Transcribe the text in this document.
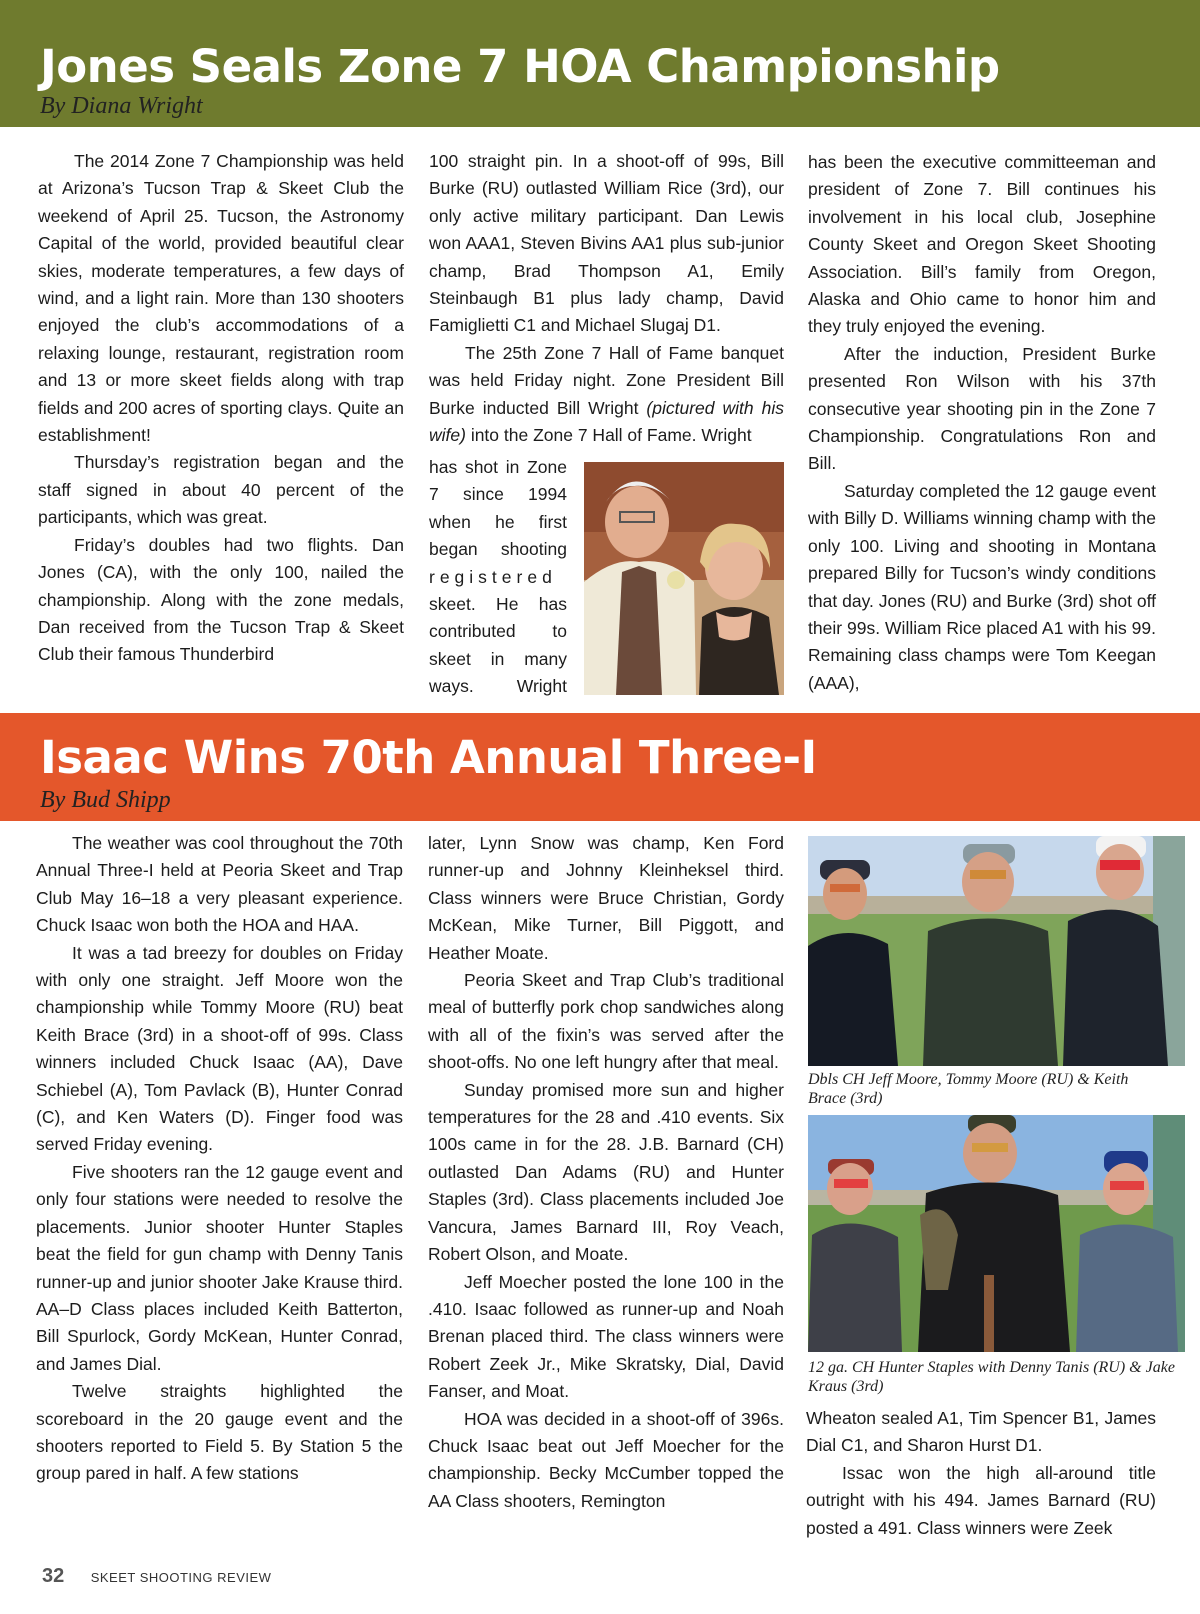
Jones Seals Zone 7 HOA Championship
By Diana Wright

The 2014 Zone 7 Championship was held at Arizona’s Tucson Trap & Skeet Club the weekend of April 25. Tucson, the Astronomy Capital of the world, provided beautiful clear skies, moderate temperatures, a few days of wind, and a light rain. More than 130 shooters enjoyed the club’s accommodations of a relaxing lounge, restaurant, registration room and 13 or more skeet fields along with trap fields and 200 acres of sporting clays. Quite an establishment!

Thursday’s registration began and the staff signed in about 40 percent of the participants, which was great.

Friday’s doubles had two flights. Dan Jones (CA), with the only 100, nailed the championship. Along with the zone medals, Dan received from the Tucson Trap & Skeet Club their famous Thunderbird

100 straight pin. In a shoot-off of 99s, Bill Burke (RU) outlasted William Rice (3rd), our only active military participant. Dan Lewis won AAA1, Steven Bivins AA1 plus sub-junior champ, Brad Thompson A1, Emily Steinbaugh B1 plus lady champ, David Famiglietti C1 and Michael Slugaj D1.

The 25th Zone 7 Hall of Fame banquet was held Friday night. Zone President Bill Burke inducted Bill Wright (pictured with his wife) into the Zone 7 Hall of Fame. Wright

has shot in Zone
7 since 1994
when he first
began shooting
registered
skeet. He has
contributed to
skeet in many
ways. Wright

has been the executive committeeman and president of Zone 7. Bill continues his involvement in his local club, Josephine County Skeet and Oregon Skeet Shooting Association. Bill’s family from Oregon, Alaska and Ohio came to honor him and they truly enjoyed the evening.

After the induction, President Burke presented Ron Wilson with his 37th consecutive year shooting pin in the Zone 7 Championship. Congratulations Ron and Bill.

Saturday completed the 12 gauge event with Billy D. Williams winning champ with the only 100. Living and shooting in Montana prepared Billy for Tucson’s windy conditions that day. Jones (RU) and Burke (3rd) shot off their 99s. William Rice placed A1 with his 99. Remaining class champs were Tom Keegan (AAA),

Isaac Wins 70th Annual Three-I
By Bud Shipp

The weather was cool throughout the 70th Annual Three-I held at Peoria Skeet and Trap Club May 16–18 a very pleasant experience. Chuck Isaac won both the HOA and HAA.

It was a tad breezy for doubles on Friday with only one straight. Jeff Moore won the championship while Tommy Moore (RU) beat Keith Brace (3rd) in a shoot-off of 99s. Class winners included Chuck Isaac (AA), Dave Schiebel (A), Tom Pavlack (B), Hunter Conrad (C), and Ken Waters (D). Finger food was served Friday evening.

Five shooters ran the 12 gauge event and only four stations were needed to resolve the placements. Junior shooter Hunter Staples beat the field for gun champ with Denny Tanis runner-up and junior shooter Jake Krause third. AA–D Class places included Keith Batterton, Bill Spurlock, Gordy McKean, Hunter Conrad, and James Dial.

Twelve straights highlighted the scoreboard in the 20 gauge event and the shooters reported to Field 5. By Station 5 the group pared in half. A few stations

later, Lynn Snow was champ, Ken Ford runner-up and Johnny Kleinheksel third. Class winners were Bruce Christian, Gordy McKean, Mike Turner, Bill Piggott, and Heather Moate.

Peoria Skeet and Trap Club’s traditional meal of butterfly pork chop sandwiches along with all of the fixin’s was served after the shoot-offs. No one left hungry after that meal.

Sunday promised more sun and higher temperatures for the 28 and .410 events. Six 100s came in for the 28. J.B. Barnard (CH) outlasted Dan Adams (RU) and Hunter Staples (3rd). Class placements included Joe Vancura, James Barnard III, Roy Veach, Robert Olson, and Moate.

Jeff Moecher posted the lone 100 in the .410. Isaac followed as runner-up and Noah Brenan placed third. The class winners were Robert Zeek Jr., Mike Skratsky, Dial, David Fanser, and Moat.

HOA was decided in a shoot-off of 396s. Chuck Isaac beat out Jeff Moecher for the championship. Becky McCumber topped the AA Class shooters, Remington

Dbls CH Jeff Moore, Tommy Moore (RU) & Keith Brace (3rd)
12 ga. CH Hunter Staples with Denny Tanis (RU) & Jake Kraus (3rd)

Wheaton sealed A1, Tim Spencer B1, James Dial C1, and Sharon Hurst D1.

Issac won the high all-around title outright with his 494. James Barnard (RU) posted a 491. Class winners were Zeek

32 SKEET SHOOTING REVIEW
